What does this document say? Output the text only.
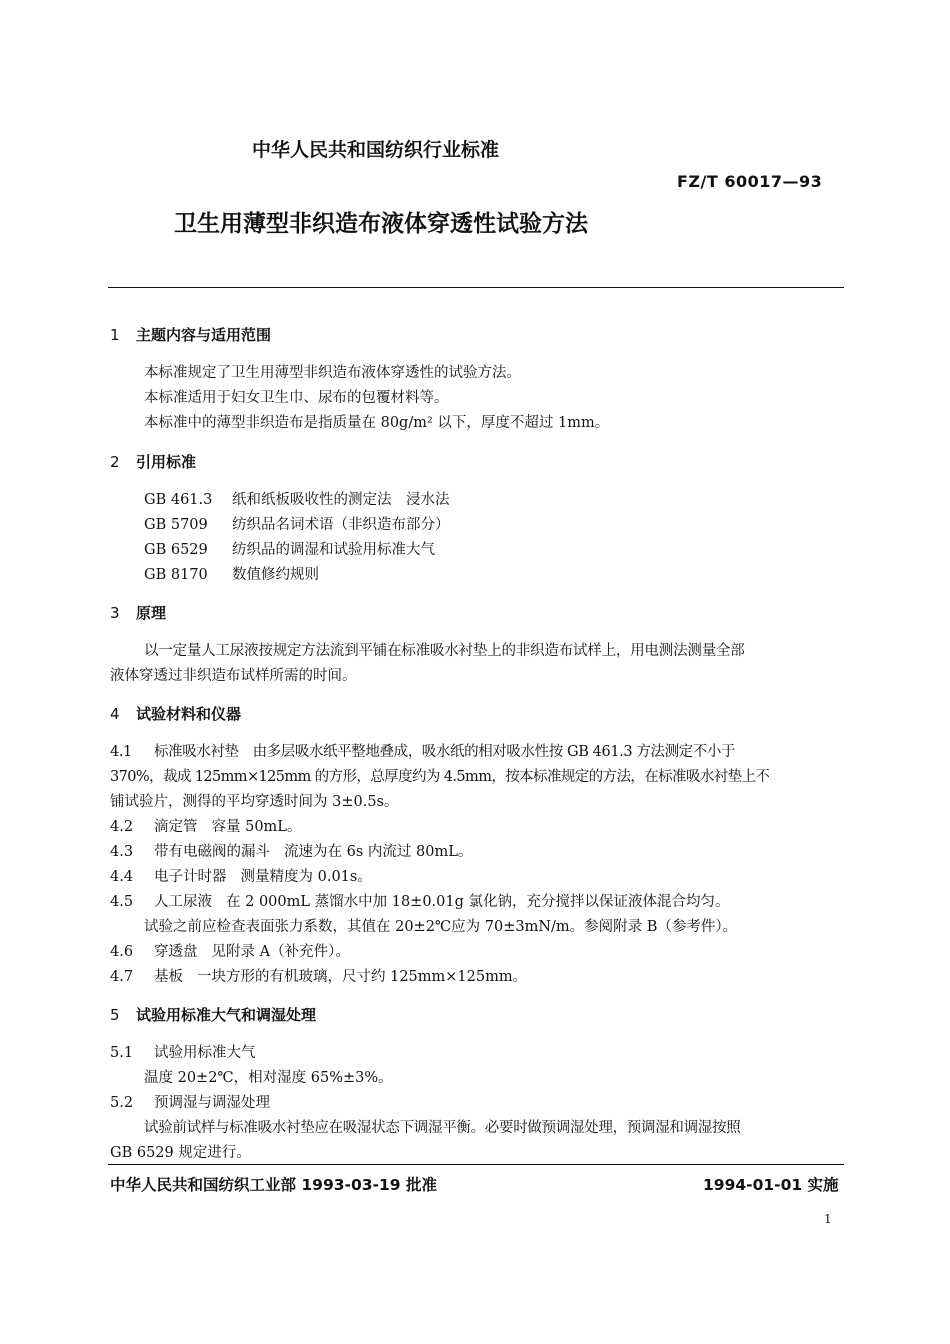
中华人民共和国纺织行业标准
FZ/T 60017—93
卫生用薄型非织造布液体穿透性试验方法
1 主题内容与适用范围
本标准规定了卫生用薄型非织造布液体穿透性的试验方法。
本标准适用于妇女卫生巾、尿布的包覆材料等。
本标准中的薄型非织造布是指质量在 80g/m² 以下，厚度不超过 1mm。
2 引用标准
GB 461.3 纸和纸板吸收性的测定法　浸水法
GB 5709 纺织品名词术语（非织造布部分）
GB 6529 纺织品的调湿和试验用标准大气
GB 8170 数值修约规则
3 原理
以一定量人工尿液按规定方法流到平铺在标准吸水衬垫上的非织造布试样上，用电测法测量全部
液体穿透过非织造布试样所需的时间。
4 试验材料和仪器
4.1 标准吸水衬垫 由多层吸水纸平整地叠成，吸水纸的相对吸水性按 GB 461.3 方法测定不小于
370%，裁成 125mm×125mm 的方形，总厚度约为 4.5mm，按本标准规定的方法，在标准吸水衬垫上不
铺试验片，测得的平均穿透时间为 3±0.5s。
4.2 滴定管 容量 50mL。
4.3 带有电磁阀的漏斗 流速为在 6s 内流过 80mL。
4.4 电子计时器 测量精度为 0.01s。
4.5 人工尿液 在 2 000mL 蒸馏水中加 18±0.01g 氯化钠，充分搅拌以保证液体混合均匀。
试验之前应检查表面张力系数，其值在 20±2℃应为 70±3mN/m。参阅附录 B（参考件）。
4.6 穿透盘 见附录 A（补充件）。
4.7 基板 一块方形的有机玻璃，尺寸约 125mm×125mm。
5 试验用标准大气和调湿处理
5.1 试验用标准大气
温度 20±2℃，相对湿度 65%±3%。
5.2 预调湿与调湿处理
试验前试样与标准吸水衬垫应在吸湿状态下调湿平衡。必要时做预调湿处理，预调湿和调湿按照
GB 6529 规定进行。
中华人民共和国纺织工业部 1993-03-19 批准	1994-01-01 实施
1
